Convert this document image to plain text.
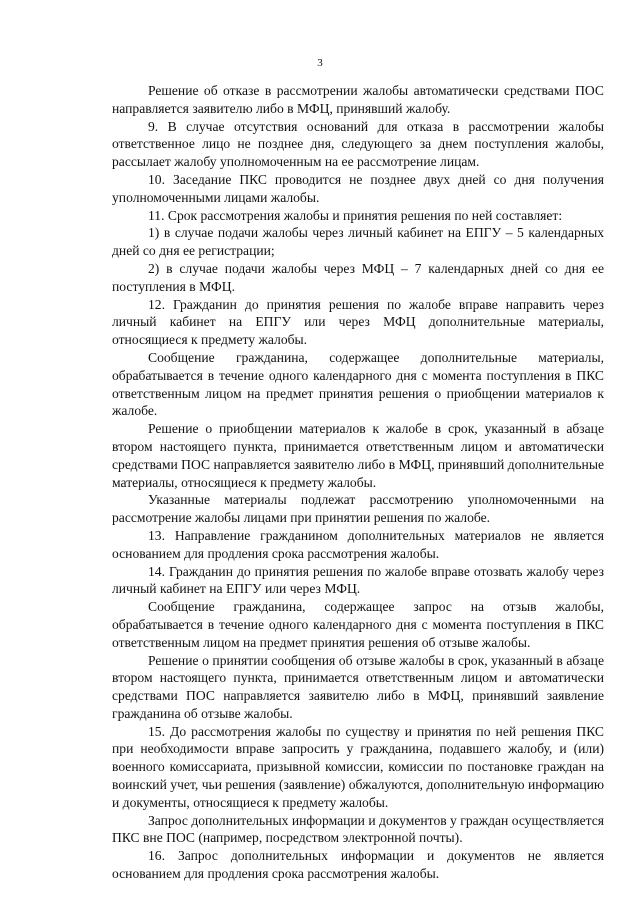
3

Решение об отказе в рассмотрении жалобы автоматически средствами ПОС направляется заявителю либо в МФЦ, принявший жалобу.

9. В случае отсутствия оснований для отказа в рассмотрении жалобы ответственное лицо не позднее дня, следующего за днем поступления жалобы, рассылает жалобу уполномоченным на ее рассмотрение лицам.

10. Заседание ПКС проводится не позднее двух дней со дня получения уполномоченными лицами жалобы.

11. Срок рассмотрения жалобы и принятия решения по ней составляет:

1) в случае подачи жалобы через личный кабинет на ЕПГУ – 5 календарных дней со дня ее регистрации;

2) в случае подачи жалобы через МФЦ – 7 календарных дней со дня ее поступления в МФЦ.

12. Гражданин до принятия решения по жалобе вправе направить через личный кабинет на ЕПГУ или через МФЦ дополнительные материалы, относящиеся к предмету жалобы.

Сообщение гражданина, содержащее дополнительные материалы, обрабатывается в течение одного календарного дня с момента поступления в ПКС ответственным лицом на предмет принятия решения о приобщении материалов к жалобе.

Решение о приобщении материалов к жалобе в срок, указанный в абзаце втором настоящего пункта, принимается ответственным лицом и автоматически средствами ПОС направляется заявителю либо в МФЦ, принявший дополнительные материалы, относящиеся к предмету жалобы.

Указанные материалы подлежат рассмотрению уполномоченными на рассмотрение жалобы лицами при принятии решения по жалобе.

13. Направление гражданином дополнительных материалов не является основанием для продления срока рассмотрения жалобы.

14. Гражданин до принятия решения по жалобе вправе отозвать жалобу через личный кабинет на ЕПГУ или через МФЦ.

Сообщение гражданина, содержащее запрос на отзыв жалобы, обрабатывается в течение одного календарного дня с момента поступления в ПКС ответственным лицом на предмет принятия решения об отзыве жалобы.

Решение о принятии сообщения об отзыве жалобы в срок, указанный в абзаце втором настоящего пункта, принимается ответственным лицом и автоматически средствами ПОС направляется заявителю либо в МФЦ, принявший заявление гражданина об отзыве жалобы.

15. До рассмотрения жалобы по существу и принятия по ней решения ПКС при необходимости вправе запросить у гражданина, подавшего жалобу, и (или) военного комиссариата, призывной комиссии, комиссии по постановке граждан на воинский учет, чьи решения (заявление) обжалуются, дополнительную информацию и документы, относящиеся к предмету жалобы.

Запрос дополнительных информации и документов у граждан осуществляется ПКС вне ПОС (например, посредством электронной почты).

16. Запрос дополнительных информации и документов не является основанием для продления срока рассмотрения жалобы.
